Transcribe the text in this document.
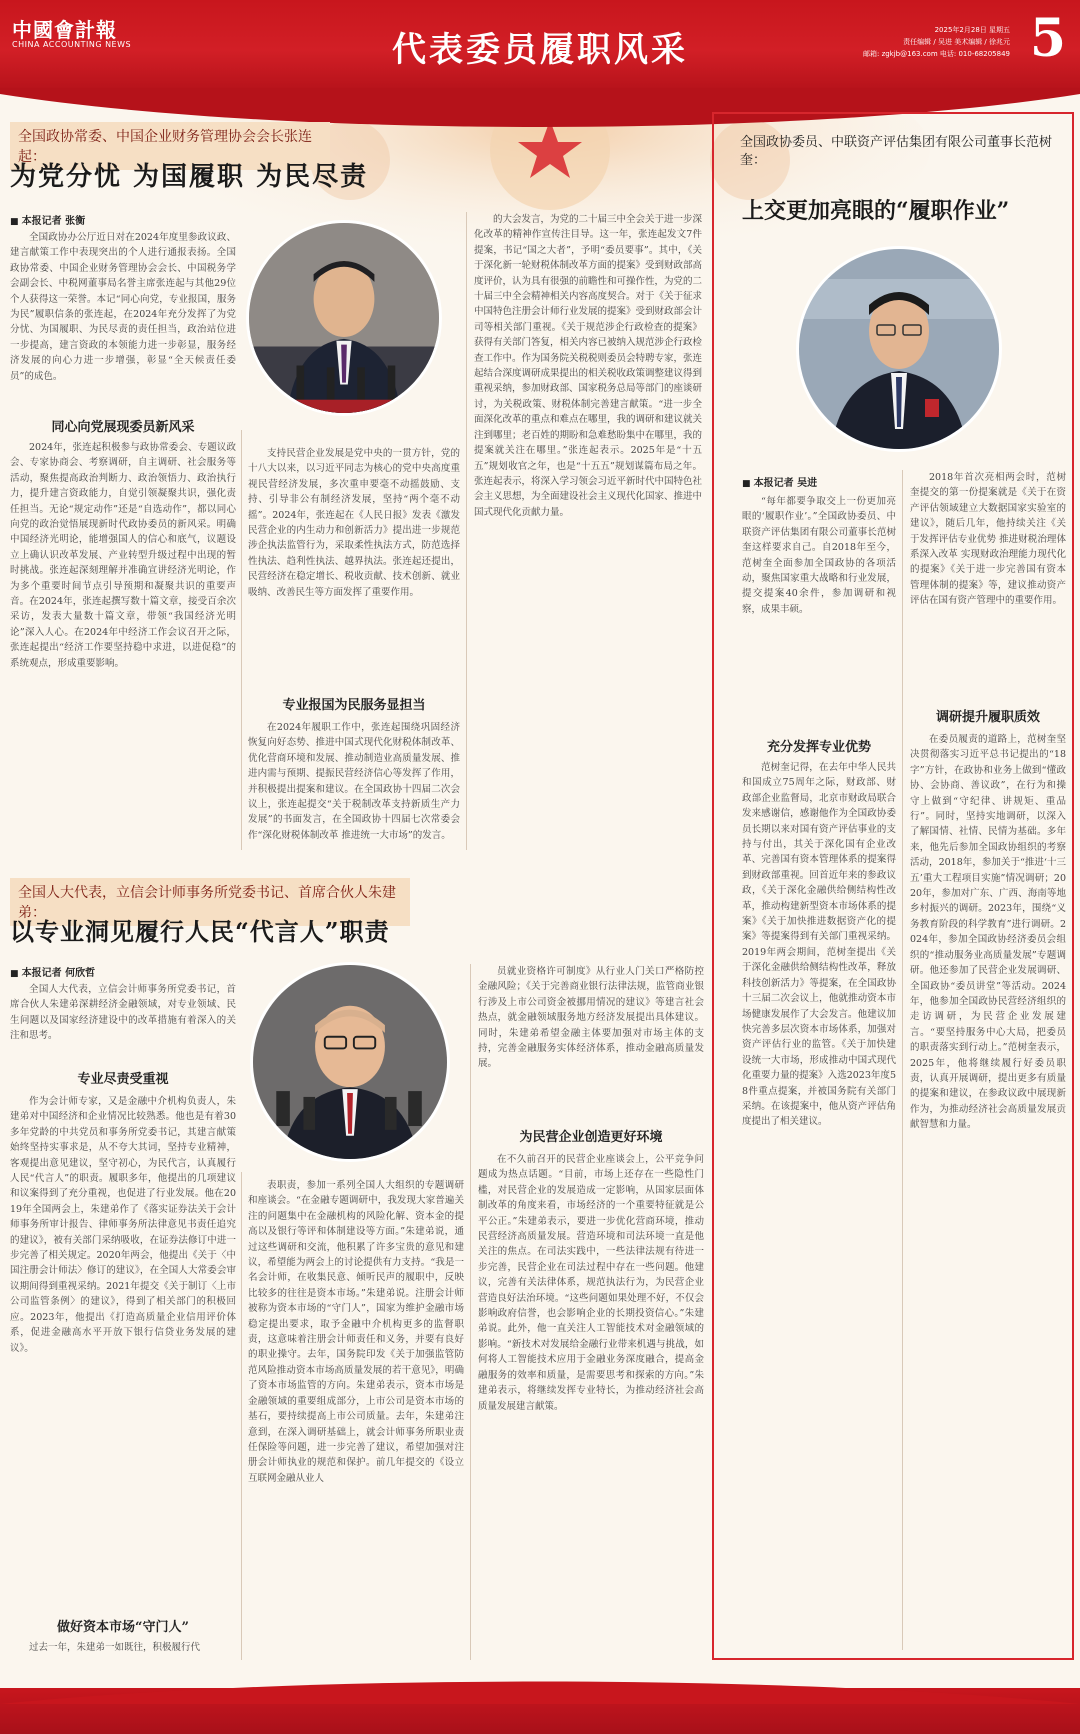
中國會計報
CHINA ACCOUNTING NEWS	代表委员履职风采	2025年2月28日 星期五
责任编辑 / 吴进 美术编辑 / 徐兆元
邮箱: zgkjb@163.com 电话: 010-68205849 5
全国政协常委、中国企业财务管理协会会长张连起：
为党分忧 为国履职 为民尽责
■ 本报记者 张衡
全国政协办公厅近日对在2024年度里参政议政、建言献策工作中表现突出的个人进行通报表扬。全国政协常委、中国企业财务管理协会会长、中国税务学会副会长、中税网董事局名誉主席张连起与其他29位个人获得这一荣誉。本记“同心向党，专业报国，服务为民”履职信条的张连起，在2024年充分发挥了为党分忧、为国履职、为民尽责的责任担当，政治站位进一步提高，建言资政的本领能力进一步彰显，服务经济发展的向心力进一步增强，彰显“全天候责任委员”的成色。
同心向党展现委员新风采
2024年，张连起积极参与政协常委会、专题议政会、专家协商会、考察调研，自主调研、社会服务等活动，聚焦提高政治判断力、政治领悟力、政治执行力，提升建言资政能力，自觉引领凝聚共识，强化责任担当。无论“规定动作”还是“自选动作”，都以同心向党的政治觉悟展现新时代政协委员的新风采。明确中国经济光明论，能增强国人的信心和底气，议题设立上确认识改革发展、产业转型升级过程中出现的暂时挑战。张连起深刻理解并准确宣讲经济光明论，作为多个重要时间节点引导预期和凝聚共识的重要声音。在2024年，张连起撰写数十篇文章，接受百余次采访，发表大量数十篇文章，带领“我国经济光明论”深入人心。在2024年中经济工作会议召开之际，张连起提出“经济工作要坚持稳中求进，以进促稳”的系统观点，形成重要影响。
支持民营企业发展是党中央的一贯方针，党的十八大以来，以习近平同志为核心的党中央高度重视民营经济发展，多次重申要毫不动摇鼓励、支持、引导非公有制经济发展，坚持“两个毫不动摇”。2024年，张连起在《人民日报》发表《激发民营企业的内生动力和创新活力》提出进一步规范涉企执法监管行为，采取柔性执法方式，防范选择性执法、趋利性执法、越界执法。张连起还提出，民营经济在稳定增长、税收贡献、技术创新、就业吸纳、改善民生等方面发挥了重要作用。
专业报国为民服务显担当
在2024年履职工作中，张连起围绕巩固经济恢复向好态势、推进中国式现代化财税体制改革、优化营商环境和发展、推动制造业高质量发展、推进内需与预期、提振民营经济信心等发挥了作用，并积极提出提案和建议。在全国政协十四届二次会议上，张连起提交“关于税制改革支持新质生产力发展”的书面发言，在全国政协十四届七次常委会作“深化财税体制改革 推进统一大市场”的发言。
的大会发言，为党的二十届三中全会关于进一步深化改革的精神作宣传注目导。这一年，张连起发文7件提案，书记“国之大者”，予明“委员要事”。其中，《关于深化新一轮财税体制改革方面的提案》受到财政部高度评价，认为具有很强的前瞻性和可操作性，为党的二十届三中全会精神相关内容高度契合。对于《关于征求中国特色注册会计师行业发展的提案》受到财政部会计司等相关部门重视。《关于规范涉企行政检查的提案》获得有关部门答复，相关内容已被纳入规范涉企行政检查工作中。作为国务院关税税则委员会特聘专家，张连起结合深度调研成果提出的相关税收政策调整建议得到重视采纳，参加财政部、国家税务总局等部门的座谈研讨，为关税政策、财税体制完善建言献策。“进一步全面深化改革的重点和难点在哪里，我的调研和建议就关注到哪里；老百姓的期盼和急难愁盼集中在哪里，我的提案就关注在哪里。”张连起表示。2025年是“十五五”规划收官之年，也是“十五五”规划谋篇布局之年。张连起表示，将深入学习领会习近平新时代中国特色社会主义思想，为全面建设社会主义现代化国家、推进中国式现代化贡献力量。
全国人大代表，立信会计师事务所党委书记、首席合伙人朱建弟：
以专业洞见履行人民“代言人”职责
■ 本报记者 何欣哲
全国人大代表，立信会计师事务所党委书记，首席合伙人朱建弟深耕经济金融领域，对专业领域、民生问题以及国家经济建设中的改革措施有着深入的关注和思考。
专业尽责受重视
作为会计师专家，又是金融中介机构负责人，朱建弟对中国经济和企业情况比较熟悉。他也是有着30多年党龄的中共党员和事务所党委书记，其建言献策始终坚持实事求是，从不夸大其词，坚持专业精神，客观提出意见建议，坚守初心，为民代言，认真履行人民“代言人”的职责。履职多年，他提出的几项建议和议案得到了充分重视，也促进了行业发展。他在2019年全国两会上，朱建弟作了《落实证券法关于会计师事务所审计报告、律师事务所法律意见书责任追究的建议》，被有关部门采纳吸收，在证券法修订中进一步完善了相关规定。2020年两会，他提出《关于〈中国注册会计师法〉修订的建议》，在全国人大常委会审议期间得到重视采纳。2021年提交《关于制订〈上市公司监管条例〉的建议》，得到了相关部门的积极回应。2023年，他提出《打造高质量企业信用评价体系，促进金融高水平开放下银行信贷业务发展的建议》。
做好资本市场“守门人”
过去一年，朱建弟一如既往，积极履行代
表职责，参加一系列全国人大组织的专题调研和座谈会。“在金融专题调研中，我发现大家普遍关注的问题集中在金融机构的风险化解、资本金的提高以及银行等评和体制建设等方面。”朱建弟说，通过这些调研和交流，他积累了许多宝贵的意见和建议，希望能为两会上的讨论提供有力支持。“我是一名会计师，在收集民意、倾听民声的履职中，反映比较多的往往是资本市场。”朱建弟说。注册会计师被称为资本市场的“守门人”，国家为维护金融市场稳定提出要求，取予金融中介机构更多的监督职责，这意味着注册会计师责任和义务，并要有良好的职业操守。去年，国务院印发《关于加强监管防范风险推动资本市场高质量发展的若干意见》，明确了资本市场监管的方向。朱建弟表示，资本市场是金融领域的重要组成部分，上市公司是资本市场的基石，要持续提高上市公司质量。去年，朱建弟注意到，在深入调研基础上，就会计师事务所职业责任保险等问题，进一步完善了建议，希望加强对注册会计师执业的规范和保护。前几年提交的《设立互联网金融从业人
员就业资格许可制度》从行业人门关口严格防控金融风险；《关于完善商业银行法律法规，监管商业银行涉及上市公司资金被挪用情况的建议》等建言社会热点，就金融领域服务地方经济发展提出具体建议。同时，朱建弟希望金融主体要加强对市场主体的支持，完善金融服务实体经济体系，推动金融高质量发展。
为民营企业创造更好环境
在不久前召开的民营企业座谈会上，公平竞争问题成为热点话题。“目前，市场上还存在一些隐性门槛，对民营企业的发展造成一定影响，从国家层面体制改革的角度来看，市场经济的一个重要特征就是公平公正。”朱建弟表示，要进一步优化营商环境，推动民营经济高质量发展。营造环境和司法环境一直是他关注的焦点。在司法实践中，一些法律法规有待进一步完善，民营企业在司法过程中存在一些问题。他建议，完善有关法律体系，规范执法行为，为民营企业营造良好法治环境。“这些问题如果处理不好，不仅会影响政府信誉，也会影响企业的长期投资信心。”朱建弟说。此外，他一直关注人工智能技术对金融领域的影响。“新技术对发展给金融行业带来机遇与挑战，如何将人工智能技术应用于金融业务深度融合，提高金融服务的效率和质量，是需要思考和探索的方向。”朱建弟表示，将继续发挥专业特长，为推动经济社会高质量发展建言献策。
全国政协委员、中联资产评估集团有限公司董事长范树奎：
上交更加亮眼的“履职作业”
■ 本报记者 吴进
“每年都要争取交上一份更加亮眼的‘履职作业’。”全国政协委员、中联资产评估集团有限公司董事长范树奎这样要求自己。自2018年至今，范树奎全面参加全国政协的各项活动，聚焦国家重大战略和行业发展，提交提案40余件，参加调研和视察，成果丰硕。
充分发挥专业优势
范树奎记得，在去年中华人民共和国成立75周年之际，财政部、财政部企业监督局，北京市财政局联合发来感谢信，感谢他作为全国政协委员长期以来对国有资产评估事业的支持与付出，其关于深化国有企业改革、完善国有资本管理体系的提案得到财政部重视。回首近年来的参政议政，《关于深化金融供给侧结构性改革，推动构建新型资本市场体系的提案》《关于加快推进数据资产化的提案》等提案得到有关部门重视采纳。2019年两会期间，范树奎提出《关于深化金融供给侧结构性改革，释放科技创新活力》等提案，在全国政协十三届二次会议上，他就推动资本市场健康发展作了大会发言。他建议加快完善多层次资本市场体系，加强对资产评估行业的监管。《关于加快建设统一大市场，形成推动中国式现代化重要力量的提案》入选2023年度58件重点提案，并被国务院有关部门采纳。在该提案中，他从资产评估角度提出了相关建议。
2018年首次亮相两会时，范树奎提交的第一份提案就是《关于在资产评估领域建立大数据国家实验室的建议》，随后几年，他持续关注《关于发挥评估专业优势 推进财税治理体系深入改革 实现财政治理能力现代化的提案》《关于进一步完善国有资本管理体制的提案》等，建议推动资产评估在国有资产管理中的重要作用。
调研提升履职质效
在委员履责的道路上，范树奎坚决贯彻落实习近平总书记提出的“18字”方针，在政协和业务上做到“懂政协、会协商、善议政”，在行为和操守上做到“守纪律、讲规矩、重品行”。同时，坚持实地调研，以深入了解国情、社情、民情为基础。多年来，他先后参加全国政协组织的考察活动，2018年，参加关于“推进‘十三五’重大工程项目实施”情况调研；2020年，参加对广东、广西、海南等地乡村振兴的调研。2023年，围绕“义务教育阶段的科学教育”进行调研。2024年，参加全国政协经济委员会组织的“推动服务业高质量发展”专题调研。他还参加了民营企业发展调研、全国政协“委员讲堂”等活动。2024年，他参加全国政协民营经济组织的走访调研，为民营企业发展建言。“要坚持服务中心大局，把委员的职责落实到行动上。”范树奎表示，2025年，他将继续履行好委员职责，认真开展调研，提出更多有质量的提案和建议，在参政议政中展现新作为，为推动经济社会高质量发展贡献智慧和力量。
